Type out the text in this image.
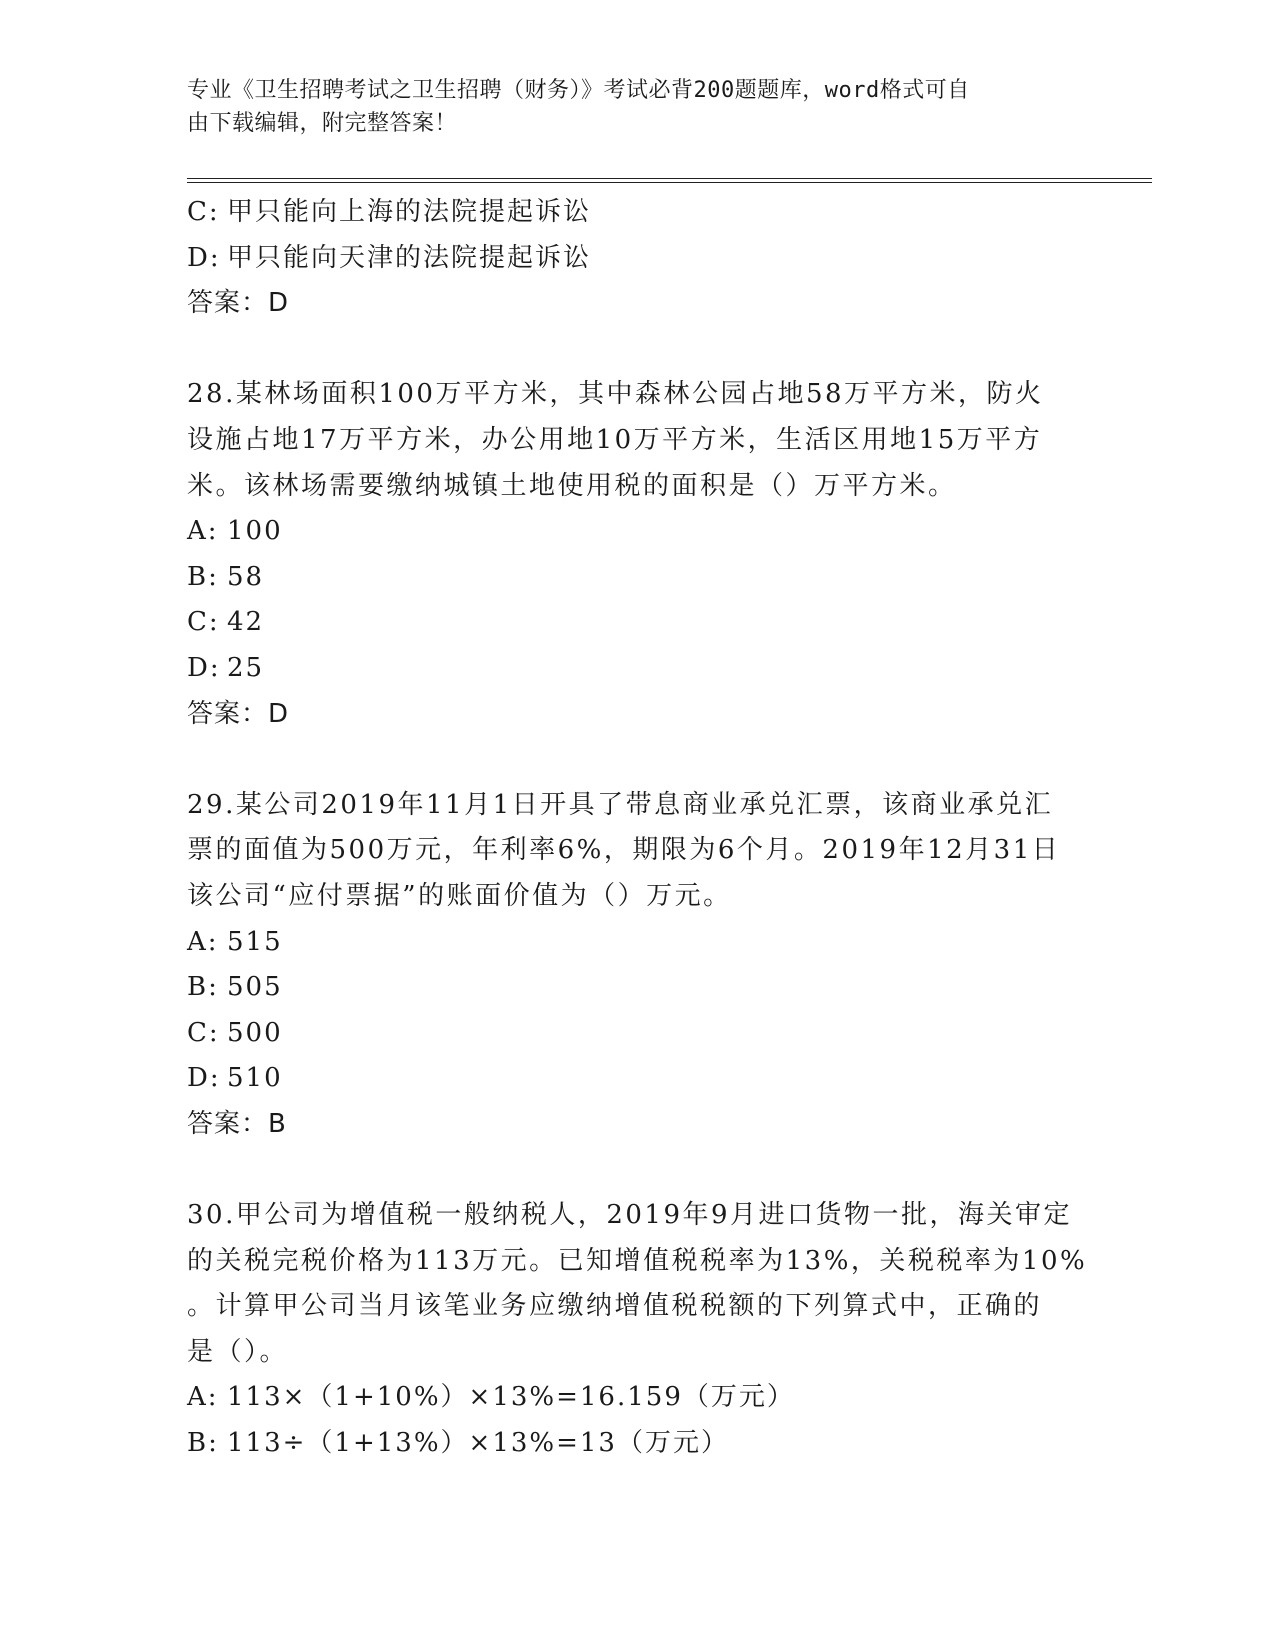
专业《卫生招聘考试之卫生招聘（财务）》考试必背200题题库，word格式可自
由下载编辑，附完整答案！
C: 甲只能向上海的法院提起诉讼
D: 甲只能向天津的法院提起诉讼
答案：D
28.某林场面积100万平方米，其中森林公园占地58万平方米，防火
设施占地17万平方米，办公用地10万平方米，生活区用地15万平方
米。该林场需要缴纳城镇土地使用税的面积是（）万平方米。
A: 100
B: 58
C: 42
D: 25
答案：D
29.某公司2019年11月1日开具了带息商业承兑汇票，该商业承兑汇
票的面值为500万元，年利率6%，期限为6个月。2019年12月31日
该公司“应付票据”的账面价值为（）万元。
A: 515
B: 505
C: 500
D: 510
答案：B
30.甲公司为增值税一般纳税人，2019年9月进口货物一批，海关审定
的关税完税价格为113万元。已知增值税税率为13%，关税税率为10%
。计算甲公司当月该笔业务应缴纳增值税税额的下列算式中，正确的
是（）。
A: 113×（1+10%）×13%=16.159（万元）
B: 113÷（1+13%）×13%=13（万元）
